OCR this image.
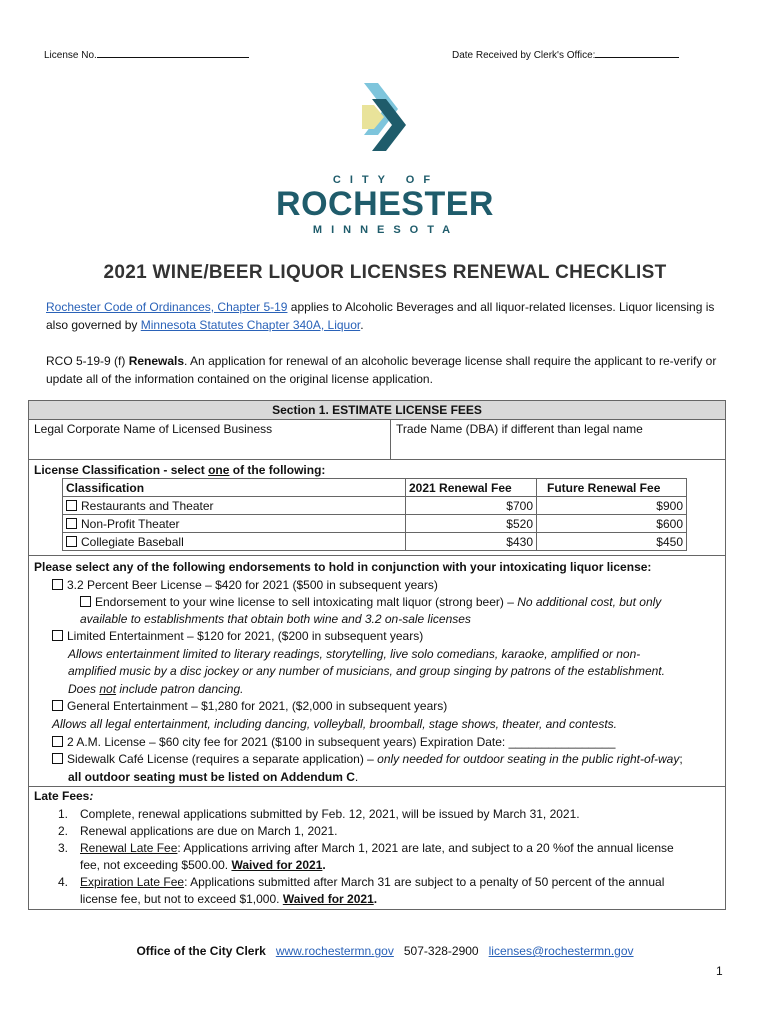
License No.	Date Received by Clerk's Office:
CITY OF
ROCHESTER
MINNESOTA
2021 WINE/BEER LIQUOR LICENSES RENEWAL CHECKLIST
Rochester Code of Ordinances, Chapter 5-19 applies to Alcoholic Beverages and all liquor-related licenses. Liquor licensing is also governed by Minnesota Statutes Chapter 340A, Liquor.
RCO 5-19-9 (f) Renewals. An application for renewal of an alcoholic beverage license shall require the applicant to re-verify or update all of the information contained on the original license application.
Section 1. ESTIMATE LICENSE FEES
Legal Corporate Name of Licensed Business	Trade Name (DBA) if different than legal name
License Classification - select one of the following:
Classification	2021 Renewal Fee	Future Renewal Fee
Restaurants and Theater	$700	$900
Non-Profit Theater	$520	$600
Collegiate Baseball	$430	$450
Please select any of the following endorsements to hold in conjunction with your intoxicating liquor license:
3.2 Percent Beer License – $420 for 2021 ($500 in subsequent years)
Endorsement to your wine license to sell intoxicating malt liquor (strong beer) – No additional cost, but only
available to establishments that obtain both wine and 3.2 on-sale licenses
Limited Entertainment – $120 for 2021, ($200 in subsequent years)
Allows entertainment limited to literary readings, storytelling, live solo comedians, karaoke, amplified or non-
amplified music by a disc jockey or any number of musicians, and group singing by patrons of the establishment.
Does not include patron dancing.
General Entertainment – $1,280 for 2021, ($2,000 in subsequent years)
Allows all legal entertainment, including dancing, volleyball, broomball, stage shows, theater, and contests.
2 A.M. License – $60 city fee for 2021 ($100 in subsequent years) Expiration Date: ________________
Sidewalk Café License (requires a separate application) – only needed for outdoor seating in the public right-of-way;
all outdoor seating must be listed on Addendum C.
Late Fees:
1. Complete, renewal applications submitted by Feb. 12, 2021, will be issued by March 31, 2021.
2. Renewal applications are due on March 1, 2021.
3. Renewal Late Fee: Applications arriving after March 1, 2021 are late, and subject to a 20 %of the annual license
fee, not exceeding $500.00. Waived for 2021.
4. Expiration Late Fee: Applications submitted after March 31 are subject to a penalty of 50 percent of the annual
license fee, but not to exceed $1,000. Waived for 2021.
Office of the City Clerk www.rochestermn.gov 507-328-2900 licenses@rochestermn.gov
1
